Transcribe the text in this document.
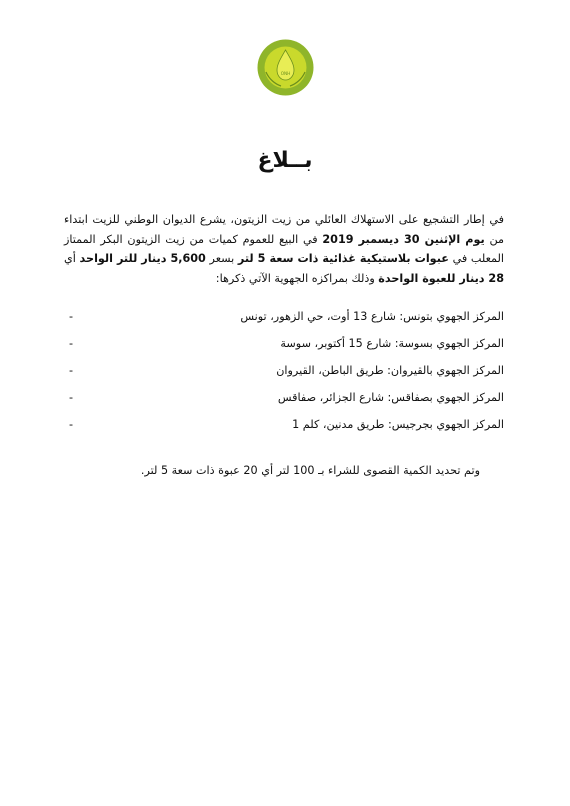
ONH
بــلاغ
في إطار التشجيع على الاستهلاك العائلي من زيت الزيتون، يشرع الديوان الوطني للزيت ابتداء من يوم الإثنين 30 ديسمبر 2019 في البيع للعموم كميات من زيت الزيتون البكر الممتاز المعلب في عبوات بلاستيكية غذائية ذات سعة 5 لتر بسعر 5,600 دينار للتر الواحد أي 28 دينار للعبوة الواحدة وذلك بمراكزه الجهوية الآتي ذكرها:
-	المركز الجهوي بتونس: شارع 13 أوت، حي الزهور، تونس
-	المركز الجهوي بسوسة: شارع 15 أكتوبر، سوسة
-	المركز الجهوي بالقيروان: طريق الباطن، القيروان
-	المركز الجهوي بصفاقس: شارع الجزائر، صفاقس
-	المركز الجهوي بجرجيس: طريق مدنين، كلم 1
وتم تحديد الكمية القصوى للشراء بـ 100 لتر أي 20 عبوة ذات سعة 5 لتر.
